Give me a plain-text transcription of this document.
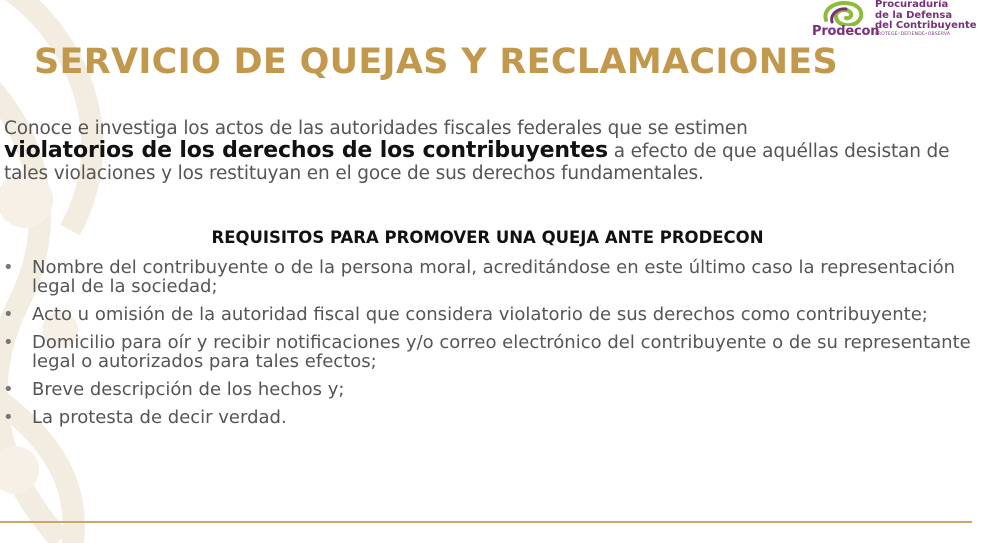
Prodecon
Procuraduría
de la Defensa
del Contribuyente
PROTEGE•DEFIENDE•OBSERVA
SERVICIO DE QUEJAS Y RECLAMACIONES

Conoce e investiga los actos de las autoridades fiscales federales que se estimen
violatorios de los derechos de los contribuyentes a efecto de que aquéllas desistan de tales violaciones y los restituyan en el goce de sus derechos fundamentales.

REQUISITOS PARA PROMOVER UNA QUEJA ANTE PRODECON
• Nombre del contribuyente o de la persona moral, acreditándose en este último caso la representación legal de la sociedad;
• Acto u omisión de la autoridad fiscal que considera violatorio de sus derechos como contribuyente;
• Domicilio para oír y recibir notificaciones y/o correo electrónico del contribuyente o de su representante legal o autorizados para tales efectos;
• Breve descripción de los hechos y;
• La protesta de decir verdad.
